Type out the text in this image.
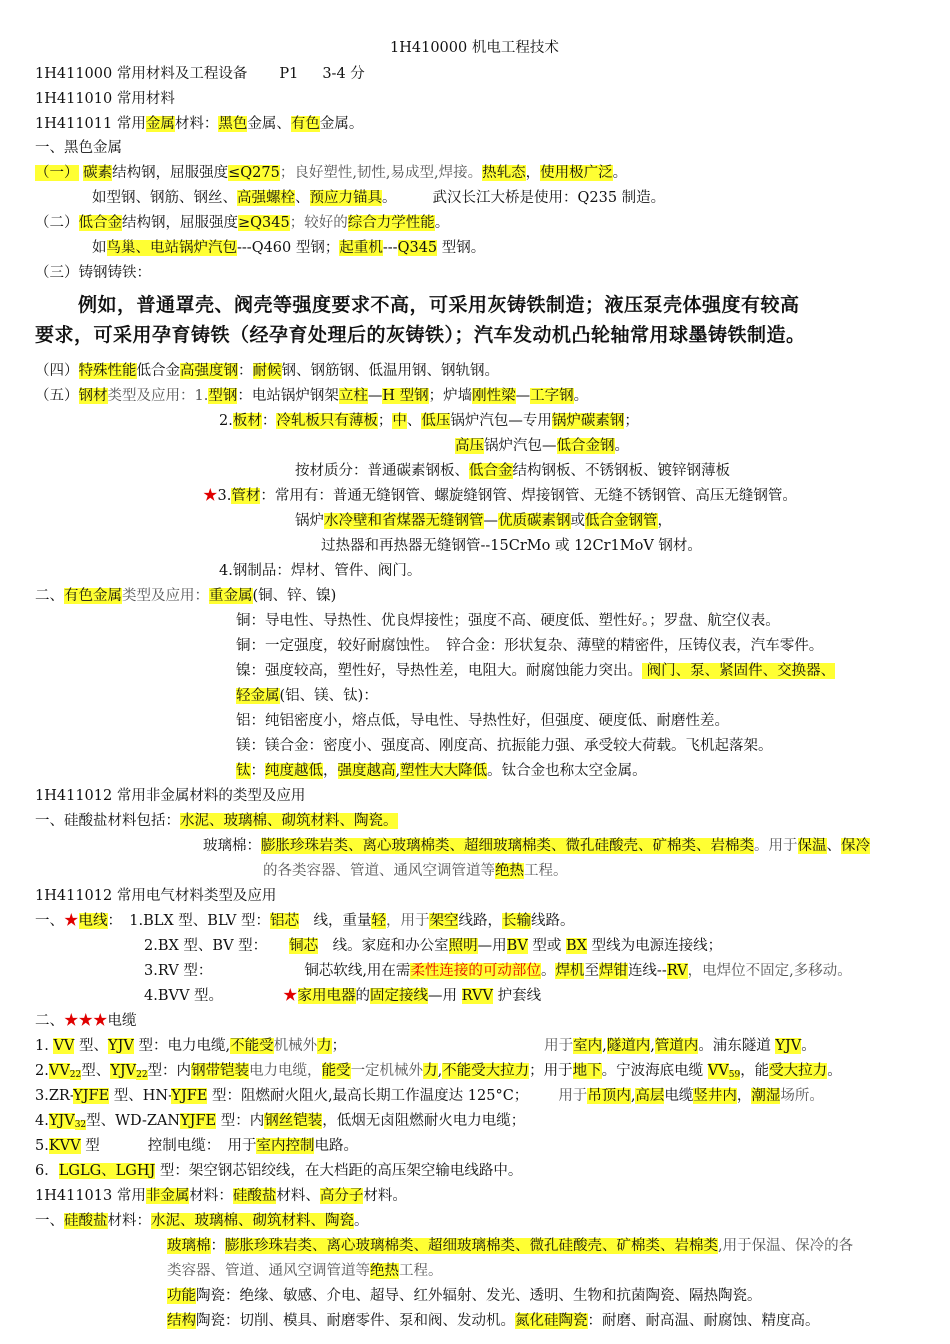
1H410000 机电工程技术
1H411000 常用材料及工程设备 P1 3-4 分
1H411010 常用材料
1H411011 常用金属材料：黑色金属、有色金属。
一、黑色金属
（一） 碳素结构钢，屈服强度≤Q275；良好塑性,韧性,易成型,焊接。热轧态，使用极广泛。
如型钢、钢筋、钢丝、高强螺栓、预应力锚具。 武汉长江大桥是使用：Q235 制造。
（二）低合金结构钢，屈服强度≥Q345；较好的综合力学性能。
如鸟巢、电站锅炉汽包---Q460 型钢；起重机---Q345 型钢。
（三）铸钢铸铁：
例如，普通罩壳、阀壳等强度要求不高，可采用灰铸铁制造；液压泵壳体强度有较高
要求，可采用孕育铸铁（经孕育处理后的灰铸铁）；汽车发动机凸轮轴常用球墨铸铁制造。
（四）特殊性能低合金高强度钢：耐候钢、钢筋钢、低温用钢、钢轨钢。
（五）钢材类型及应用：1.型钢：电站锅炉钢架立柱—H 型钢；炉墙刚性梁—工字钢。
2.板材：冷轧板只有薄板；中、低压锅炉汽包—专用锅炉碳素钢；
高压锅炉汽包—低合金钢。
按材质分：普通碳素钢板、低合金结构钢板、不锈钢板、镀锌钢薄板
★3.管材：常用有：普通无缝钢管、螺旋缝钢管、焊接钢管、无缝不锈钢管、高压无缝钢管。
锅炉水冷壁和省煤器无缝钢管—优质碳素钢或低合金钢管，
过热器和再热器无缝钢管--15CrMo 或 12Cr1MoV 钢材。
4.钢制品：焊材、管件、阀门。
二、有色金属类型及应用：重金属(铜、锌、镍)
铜：导电性、导热性、优良焊接性；强度不高、硬度低、塑性好。；罗盘、航空仪表。
铜：一定强度，较好耐腐蚀性。　锌合金：形状复杂、薄壁的精密件，压铸仪表，汽车零件。
镍：强度较高，塑性好，导热性差，电阻大。耐腐蚀能力突出。 阀门、泵、紧固件、交换器、
轻金属(铝、镁、钛)：
铝：纯铝密度小，熔点低，导电性、导热性好，但强度、硬度低、耐磨性差。
镁：镁合金：密度小、强度高、刚度高、抗振能力强、承受较大荷载。飞机起落架。
钛：纯度越低，强度越高,塑性大大降低。钛合金也称太空金属。
1H411012 常用非金属材料的类型及应用
一、硅酸盐材料包括：水泥、玻璃棉、砌筑材料、陶瓷。
玻璃棉：膨胀珍珠岩类、离心玻璃棉类、超细玻璃棉类、微孔硅酸壳、矿棉类、岩棉类。用于保温、保冷
的各类容器、管道、通风空调管道等绝热工程。
1H411012 常用电气材料类型及应用
一、★电线：　1.BLX 型、BLV 型：铝芯　线，重量轻，用于架空线路，长输线路。
2.BX 型、BV 型： 铜芯　线。家庭和办公室照明—用BV 型或 BX 型线为电源连接线；
3.RV 型：	铜芯软线,用在需柔性连接的可动部位。焊机至焊钳连线--RV，电焊位不固定,多移动。
4.BVV 型。	★家用电器的固定接线—用 RVV 护套线
二、★★★电缆
1. VV 型、YJV 型：电力电缆,不能受机械外力；	用于室内,隧道内,管道内。浦东隧道 YJV。
$2.VV_{22}$型、$YJV_{22}$型：内钢带铠装电力电缆，能受一定机械外力,不能受大拉力；用于地下。宁波海底电缆 $VV_{59}$，能受大拉力。
3.ZR-YJFE 型、HN-YJFE 型：阻燃耐火阻火,最高长期工作温度达 125°C； 用于吊顶内,高层电缆竖井内，潮湿场所。
$4.YJV_{32}$型、WD-ZANYJFE 型：内钢丝铠装，低烟无卤阻燃耐火电力电缆；
5.KVV 型	控制电缆：　用于室内控制电路。
6．LGLG、LGHJ 型：架空钢芯铝绞线，在大档距的高压架空输电线路中。
1H411013 常用非金属材料：硅酸盐材料、高分子材料。
一、硅酸盐材料：水泥、玻璃棉、砌筑材料、陶瓷。
玻璃棉：膨胀珍珠岩类、离心玻璃棉类、超细玻璃棉类、微孔硅酸壳、矿棉类、岩棉类,用于保温、保冷的各
类容器、管道、通风空调管道等绝热工程。
功能陶瓷：绝缘、敏感、介电、超导、红外辐射、发光、透明、生物和抗菌陶瓷、隔热陶瓷。
结构陶瓷：切削、模具、耐磨零件、泵和阀、发动机。氮化硅陶瓷：耐磨、耐高温、耐腐蚀、精度高。
